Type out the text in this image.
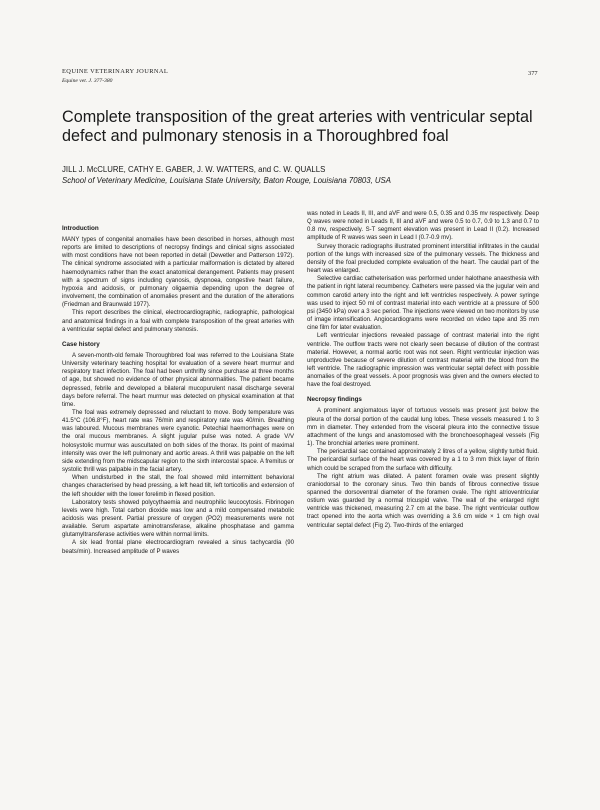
EQUINE VETERINARY JOURNAL
Equine vet. J. 377-380
377
Complete transposition of the great arteries with ventricular septal defect and pulmonary stenosis in a Thoroughbred foal
JILL J. McCLURE, CATHY E. GABER, J. W. WATTERS, and C. W. QUALLS
School of Veterinary Medicine, Louisiana State University, Baton Rouge, Louisiana 70803, USA
Introduction

MANY types of congenital anomalies have been described in horses, although most reports are limited to descriptions of necropsy findings and clinical signs associated with most conditions have not been reported in detail (Dewetler and Patterson 1972). The clinical syndrome associated with a particular malformation is dictated by altered haemodynamics rather than the exact anatomical derangement. Patients may present with a spectrum of signs including cyanosis, dyspnoea, congestive heart failure, hypoxia and acidosis, or pulmonary oligaemia depending upon the degree of involvement, the combination of anomalies present and the duration of the alterations (Friedman and Braunwald 1977).

This report describes the clinical, electrocardiographic, radiographic, pathological and anatomical findings in a foal with complete transposition of the great arteries with a ventricular septal defect and pulmonary stenosis.

Case history

A seven-month-old female Thoroughbred foal was referred to the Louisiana State University veterinary teaching hospital for evaluation of a severe heart murmur and respiratory tract infection. The foal had been unthrifty since purchase at three months of age, but showed no evidence of other physical abnormalities. The patient became depressed, febrile and developed a bilateral mucopurulent nasal discharge several days before referral. The heart murmur was detected on physical examination at that time.

The foal was extremely depressed and reluctant to move. Body temperature was 41.5°C (106.8°F), heart rate was 76/min and respiratory rate was 40/min. Breathing was laboured. Mucous membranes were cyanotic. Petechial haemorrhages were on the oral mucous membranes. A slight jugular pulse was noted. A grade V/V holosystolic murmur was auscultated on both sides of the thorax. Its point of maximal intensity was over the left pulmonary and aortic areas. A thrill was palpable on the left side extending from the midscapular region to the sixth intercostal space. A fremitus or systolic thrill was palpable in the facial artery.

When undisturbed in the stall, the foal showed mild intermittent behavioral changes characterised by head pressing, a left head tilt, left torticollis and extension of the left shoulder with the lower forelimb in flexed position.

Laboratory tests showed polycythaemia and neutrophilic leucocytosis. Fibrinogen levels were high. Total carbon dioxide was low and a mild compensated metabolic acidosis was present. Partial pressure of oxygen (PO2) measurements were not available. Serum aspartate aminotransferase, alkaline phosphatase and gamma glutamyltransferase activities were within normal limits.

A six lead frontal plane electrocardiogram revealed a sinus tachycardia (90 beats/min). Increased amplitude of P waves

was noted in Leads II, III, and aVF and were 0.5, 0.35 and 0.35 mv respectively. Deep Q waves were noted in Leads II, III and aVF and were 0.5 to 0.7, 0.9 to 1.3 and 0.7 to 0.8 mv, respectively. S-T segment elevation was present in Lead II (0.2). Increased amplitude of R waves was seen in Lead I (0.7-0.9 mv).

Survey thoracic radiographs illustrated prominent interstitial infiltrates in the caudal portion of the lungs with increased size of the pulmonary vessels. The thickness and density of the foal precluded complete evaluation of the heart. The caudal part of the heart was enlarged.

Selective cardiac catheterisation was performed under halothane anaesthesia with the patient in right lateral recumbency. Catheters were passed via the jugular vein and common carotid artery into the right and left ventricles respectively. A power syringe was used to inject 50 ml of contrast material into each ventricle at a pressure of 500 psi (3450 kPa) over a 3 sec period. The injections were viewed on two monitors by use of image intensification. Angiocardiograms were recorded on video tape and 35 mm cine film for later evaluation.

Left ventricular injections revealed passage of contrast material into the right ventricle. The outflow tracts were not clearly seen because of dilution of the contrast material. However, a normal aortic root was not seen. Right ventricular injection was unproductive because of severe dilution of contrast material with the blood from the left ventricle. The radiographic impression was ventricular septal defect with possible anomalies of the great vessels. A poor prognosis was given and the owners elected to have the foal destroyed.

Necropsy findings

A prominent angiomatous layer of tortuous vessels was present just below the pleura of the dorsal portion of the caudal lung lobes. These vessels measured 1 to 3 mm in diameter. They extended from the visceral pleura into the connective tissue attachment of the lungs and anastomosed with the bronchoesophageal vessels (Fig 1). The bronchial arteries were prominent.

The pericardial sac contained approximately 2 litres of a yellow, slightly turbid fluid. The pericardial surface of the heart was covered by a 1 to 3 mm thick layer of fibrin which could be scraped from the surface with difficulty.

The right atrium was dilated. A patent foramen ovale was present slightly craniodorsal to the coronary sinus. Two thin bands of fibrous connective tissue spanned the dorsoventral diameter of the foramen ovale. The right atrioventricular ostium was guarded by a normal tricuspid valve. The wall of the enlarged right ventricle was thickened, measuring 2.7 cm at the base. The right ventricular outflow tract opened into the aorta which was overriding a 3.6 cm wide × 1 cm high oval ventricular septal defect (Fig 2). Two-thirds of the enlarged
